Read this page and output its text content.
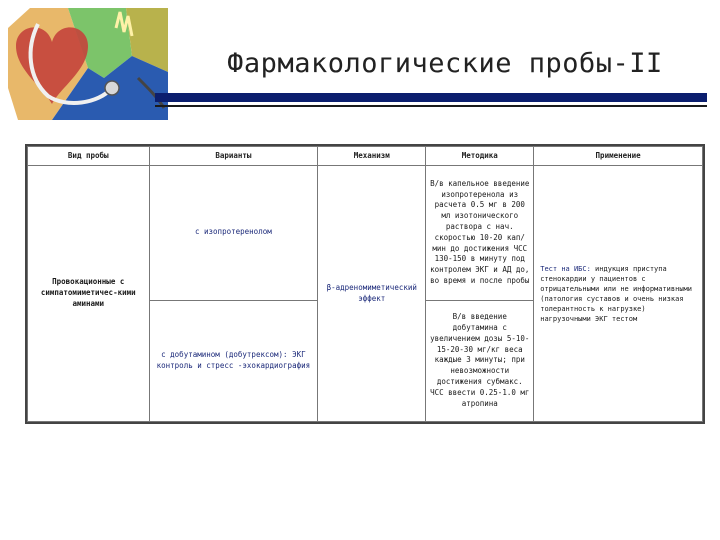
Фармакологические пробы-II
Вид пробы	Варианты	Механизм	Методика	Применение
Провокационные с симпатомиметичес-кими аминами	с изопротеренолом	β-адреномиметический эффект	В/в капельное введение изопротеренола из расчета 0.5 мг в 200 мл изотонического раствора с нач. скоростью 10-20 кап/мин до достижения ЧСС 130-150 в минуту под контролем ЭКГ и АД до, во время и после пробы	Тест на ИБС: индукция приступа стенокардии у пациентов с отрицательными или не информативными (патология суставов и очень низкая толерантность к нагрузке) нагрузочными ЭКГ тестом
	с добутамином (добутрексом): ЭКГ контроль и стресс -эхокардиография		В/в введение добутамина с увеличением дозы 5-10-15-20-30 мг/кг веса каждые 3 минуты; при невозможности достижения субмакс. ЧСС ввести 0.25-1.0 мг атропина	
